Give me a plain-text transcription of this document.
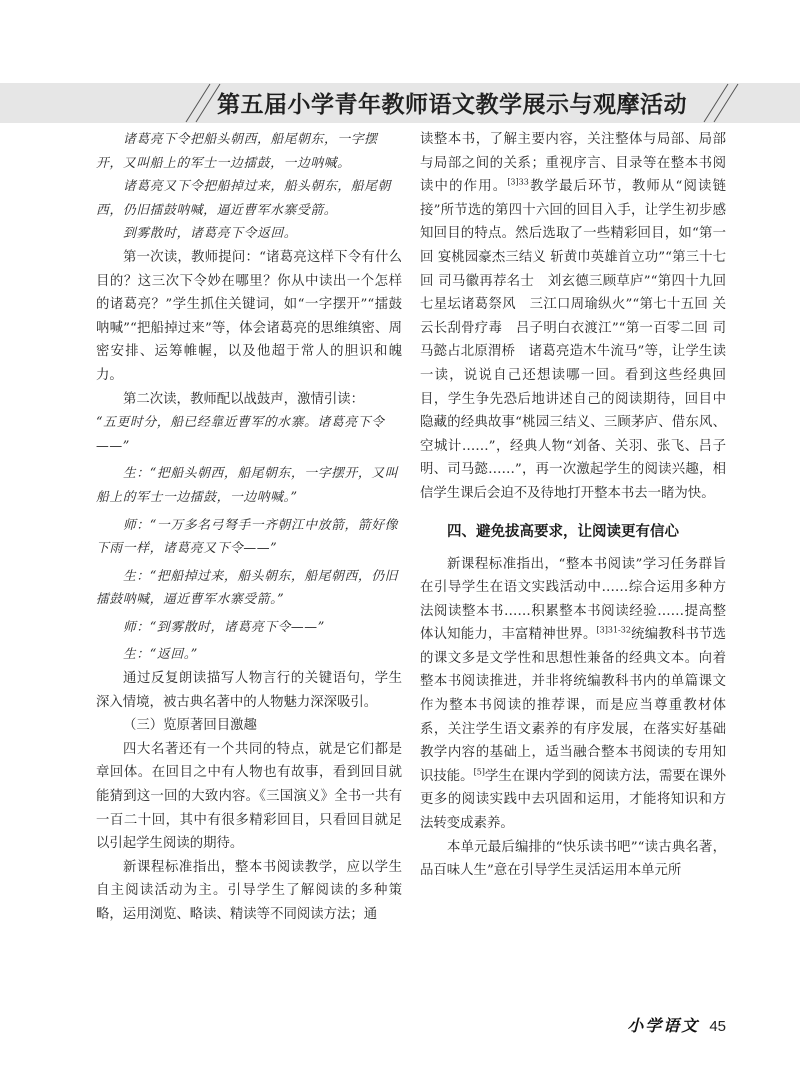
第五届小学青年教师语文教学展示与观摩活动

诸葛亮下令把船头朝西，船尾朝东，一字摆开，又叫船上的军士一边擂鼓，一边呐喊。

诸葛亮又下令把船掉过来，船头朝东，船尾朝西，仍旧擂鼓呐喊，逼近曹军水寨受箭。

到雾散时，诸葛亮下令返回。

第一次读，教师提问：“诸葛亮这样下令有什么目的？这三次下令妙在哪里？你从中读出一个怎样的诸葛亮？”学生抓住关键词，如“一字摆开”“擂鼓呐喊”“把船掉过来”等，体会诸葛亮的思维缜密、周密安排、运筹帷幄，以及他超于常人的胆识和魄力。

第二次读，教师配以战鼓声，激情引读：

“五更时分，船已经靠近曹军的水寨。诸葛亮下令——”

生：“把船头朝西，船尾朝东，一字摆开，又叫船上的军士一边擂鼓，一边呐喊。”

师：“一万多名弓弩手一齐朝江中放箭，箭好像下雨一样，诸葛亮又下令——”

生：“把船掉过来，船头朝东，船尾朝西，仍旧擂鼓呐喊，逼近曹军水寨受箭。”

师：“到雾散时，诸葛亮下令——”

生：“返回。”

通过反复朗读描写人物言行的关键语句，学生深入情境，被古典名著中的人物魅力深深吸引。

（三）览原著回目激趣

四大名著还有一个共同的特点，就是它们都是章回体。在回目之中有人物也有故事，看到回目就能猜到这一回的大致内容。《三国演义》全书一共有一百二十回，其中有很多精彩回目，只看回目就足以引起学生阅读的期待。

新课程标准指出，整本书阅读教学，应以学生自主阅读活动为主。引导学生了解阅读的多种策略，运用浏览、略读、精读等不同阅读方法；通

读整本书，了解主要内容，关注整体与局部、局部与局部之间的关系；重视序言、目录等在整本书阅读中的作用。$^{[3]33}$教学最后环节，教师从“阅读链接”所节选的第四十六回的回目入手，让学生初步感知回目的特点。然后选取了一些精彩回目，如“第一回 宴桃园豪杰三结义 斩黄巾英雄首立功”“第三十七回 司马徽再荐名士　刘玄德三顾草庐”“第四十九回 七星坛诸葛祭风　三江口周瑜纵火”“第七十五回 关云长刮骨疗毒　吕子明白衣渡江”“第一百零二回 司马懿占北原渭桥　诸葛亮造木牛流马”等，让学生读一读，说说自己还想读哪一回。看到这些经典回目，学生争先恐后地讲述自己的阅读期待，回目中隐藏的经典故事“桃园三结义、三顾茅庐、借东风、空城计……”，经典人物“刘备、关羽、张飞、吕子明、司马懿……”，再一次激起学生的阅读兴趣，相信学生课后会迫不及待地打开整本书去一睹为快。

四、避免拔高要求，让阅读更有信心

新课程标准指出，“整本书阅读”学习任务群旨在引导学生在语文实践活动中……综合运用多种方法阅读整本书……积累整本书阅读经验……提高整体认知能力，丰富精神世界。$^{[3]31-32}$统编教科书节选的课文多是文学性和思想性兼备的经典文本。向着整本书阅读推进，并非将统编教科书内的单篇课文作为整本书阅读的推荐课，而是应当尊重教材体系，关注学生语文素养的有序发展，在落实好基础教学内容的基础上，适当融合整本书阅读的专用知识技能。[5]学生在课内学到的阅读方法，需要在课外更多的阅读实践中去巩固和运用，才能将知识和方法转变成素养。

本单元最后编排的“快乐读书吧”“读古典名著，品百味人生”意在引导学生灵活运用本单元所

小学语文 45
